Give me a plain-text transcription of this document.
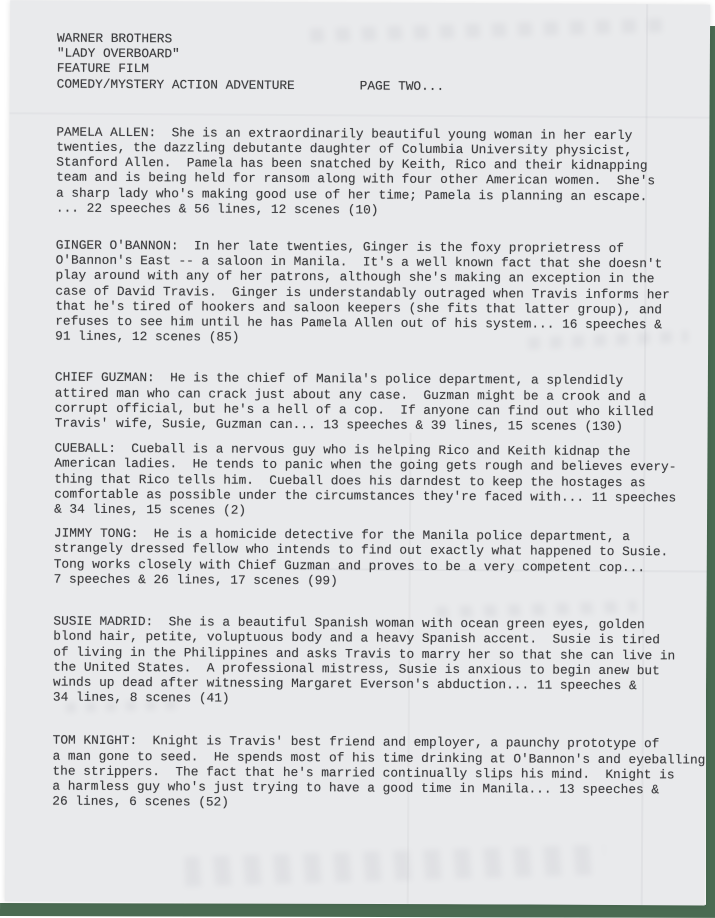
WARNER BROTHERS
"LADY OVERBOARD"
FEATURE FILM
COMEDY/MYSTERY ACTION ADVENTURE	PAGE TWO...

PAMELA ALLEN:  She is an extraordinarily beautiful young woman in her early
twenties, the dazzling debutante daughter of Columbia University physicist,
Stanford Allen.  Pamela has been snatched by Keith, Rico and their kidnapping
team and is being held for ransom along with four other American women.  She's
a sharp lady who's making good use of her time; Pamela is planning an escape.
... 22 speeches & 56 lines, 12 scenes (10)

GINGER O'BANNON:  In her late twenties, Ginger is the foxy proprietress of
O'Bannon's East -- a saloon in Manila.  It's a well known fact that she doesn't
play around with any of her patrons, although she's making an exception in the
case of David Travis.  Ginger is understandably outraged when Travis informs her
that he's tired of hookers and saloon keepers (she fits that latter group), and
refuses to see him until he has Pamela Allen out of his system... 16 speeches &
91 lines, 12 scenes (85)

CHIEF GUZMAN:  He is the chief of Manila's police department, a splendidly
attired man who can crack just about any case.  Guzman might be a crook and a
corrupt official, but he's a hell of a cop.  If anyone can find out who killed
Travis' wife, Susie, Guzman can... 13 speeches & 39 lines, 15 scenes (130)

CUEBALL:  Cueball is a nervous guy who is helping Rico and Keith kidnap the
American ladies.  He tends to panic when the going gets rough and believes every-
thing that Rico tells him.  Cueball does his darndest to keep the hostages as
comfortable as possible under the circumstances they're faced with... 11 speeches
& 34 lines, 15 scenes (2)

JIMMY TONG:  He is a homicide detective for the Manila police department, a
strangely dressed fellow who intends to find out exactly what happened to Susie.
Tong works closely with Chief Guzman and proves to be a very competent cop...
7 speeches & 26 lines, 17 scenes (99)

SUSIE MADRID:  She is a beautiful Spanish woman with ocean green eyes, golden
blond hair, petite, voluptuous body and a heavy Spanish accent.  Susie is tired
of living in the Philippines and asks Travis to marry her so that she can live in
the United States.  A professional mistress, Susie is anxious to begin anew but
winds up dead after witnessing Margaret Everson's abduction... 11 speeches &
34 lines, 8 scenes (41)

TOM KNIGHT:  Knight is Travis' best friend and employer, a paunchy prototype of
a man gone to seed.  He spends most of his time drinking at O'Bannon's and eyeballing
the strippers.  The fact that he's married continually slips his mind.  Knight is
a harmless guy who's just trying to have a good time in Manila... 13 speeches &
26 lines, 6 scenes (52)
